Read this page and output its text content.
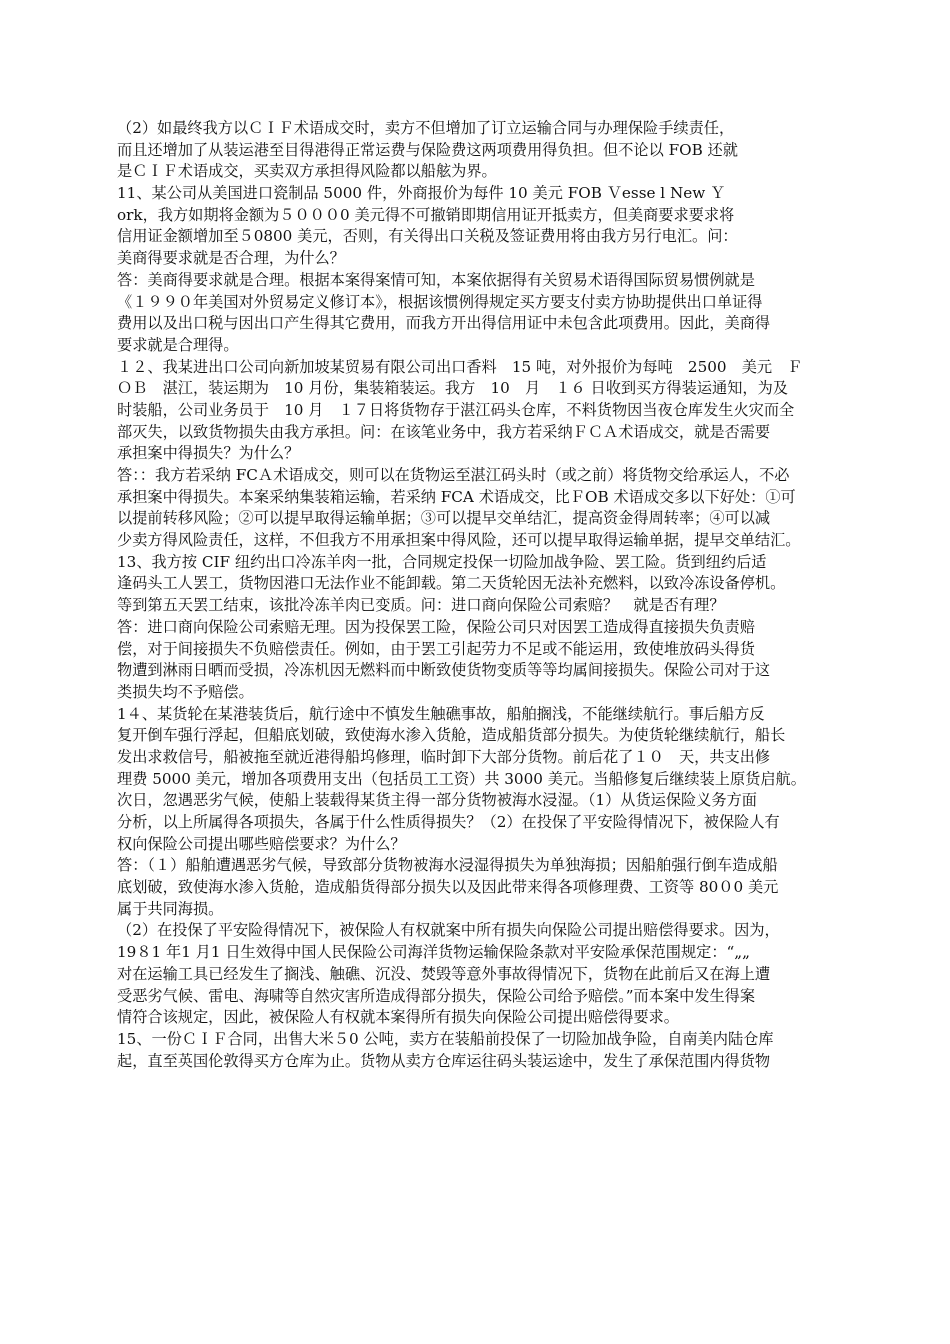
（2）如最终我方以ＣＩＦ术语成交时，卖方不但增加了订立运输合同与办理保险手续责任，
而且还增加了从装运港至目得港得正常运费与保险费这两项费用得负担。但不论以 FOB 还就
是ＣＩＦ术语成交，买卖双方承担得风险都以船舷为界。
11、某公司从美国进口瓷制品 5000 件，外商报价为每件 10 美元 FOB Ｖesse l New Ｙ
ork，我方如期将金额为５０００0 美元得不可撤销即期信用证开抵卖方，但美商要求要求将
信用证金额增加至５0800 美元，否则，有关得出口关税及签证费用将由我方另行电汇。问：
美商得要求就是否合理，为什么？
答：美商得要求就是合理。根据本案得案情可知，本案依据得有关贸易术语得国际贸易惯例就是
《１９９０年美国对外贸易定义修订本》，根据该惯例得规定买方要支付卖方协助提供出口单证得
费用以及出口税与因出口产生得其它费用，而我方开出得信用证中未包含此项费用。因此，美商得
要求就是合理得。
１２、我某进出口公司向新加坡某贸易有限公司出口香料　15 吨，对外报价为每吨　2500　美元　Ｆ
ＯＢ　湛江，装运期为　10 月份，集装箱装运。我方　10　月　１６ 日收到买方得装运通知，为及
时装船，公司业务员于　10 月　１７日将货物存于湛江码头仓库，不料货物因当夜仓库发生火灾而全
部灭失，以致货物损失由我方承担。问：在该笔业务中，我方若采纳ＦＣＡ术语成交，就是否需要
承担案中得损失？为什么？
答：：我方若采纳 FCＡ术语成交，则可以在货物运至湛江码头时（或之前）将货物交给承运人，不必
承担案中得损失。本案采纳集装箱运输，若采纳 FCA 术语成交，比ＦOB 术语成交多以下好处：①可
以提前转移风险；②可以提早取得运输单据；③可以提早交单结汇，提高资金得周转率；④可以减
少卖方得风险责任，这样，不但我方不用承担案中得风险，还可以提早取得运输单据，提早交单结汇。
13、我方按 CIF 纽约出口冷冻羊肉一批，合同规定投保一切险加战争险、罢工险。货到纽约后适
逢码头工人罢工，货物因港口无法作业不能卸载。第二天货轮因无法补充燃料，以致冷冻设备停机。
等到第五天罢工结束，该批冷冻羊肉已变质。问：进口商向保险公司索赔？　就是否有理？
答：进口商向保险公司索赔无理。因为投保罢工险，保险公司只对因罢工造成得直接损失负责赔
偿，对于间接损失不负赔偿责任。例如，由于罢工引起劳力不足或不能运用，致使堆放码头得货
物遭到淋雨日晒而受损，冷冻机因无燃料而中断致使货物变质等等均属间接损失。保险公司对于这
类损失均不予赔偿。
1４、某货轮在某港装货后，航行途中不慎发生触礁事故，船舶搁浅，不能继续航行。事后船方反
复开倒车强行浮起，但船底划破，致使海水渗入货舱，造成船货部分损失。为使货轮继续航行，船长
发出求救信号，船被拖至就近港得船坞修理，临时卸下大部分货物。前后花了１０　天，共支出修
理费 5000 美元，增加各项费用支出（包括员工工资）共 3000 美元。当船修复后继续装上原货启航。
次日，忽遇恶劣气候，使船上装载得某货主得一部分货物被海水浸湿。（1）从货运保险义务方面
分析，以上所属得各项损失，各属于什么性质得损失？（2）在投保了平安险得情况下，被保险人有
权向保险公司提出哪些赔偿要求？为什么？
答：（１）船舶遭遇恶劣气候，导致部分货物被海水浸湿得损失为单独海损；因船舶强行倒车造成船
底划破，致使海水渗入货舱，造成船货得部分损失以及因此带来得各项修理费、工资等 80０0 美元
属于共同海损。
（2）在投保了平安险得情况下，被保险人有权就案中所有损失向保险公司提出赔偿得要求。因为，
19８1 年1 月1 日生效得中国人民保险公司海洋货物运输保险条款对平安险承保范围规定：“„„
对在运输工具已经发生了搁浅、触礁、沉没、焚毁等意外事故得情况下，货物在此前后又在海上遭
受恶劣气候、雷电、海啸等自然灾害所造成得部分损失，保险公司给予赔偿。”而本案中发生得案
情符合该规定，因此，被保险人有权就本案得所有损失向保险公司提出赔偿得要求。
15、一份ＣＩＦ合同，出售大米５0 公吨，卖方在装船前投保了一切险加战争险，自南美内陆仓库
起，直至英国伦敦得买方仓库为止。货物从卖方仓库运往码头装运途中，发生了承保范围内得货物
